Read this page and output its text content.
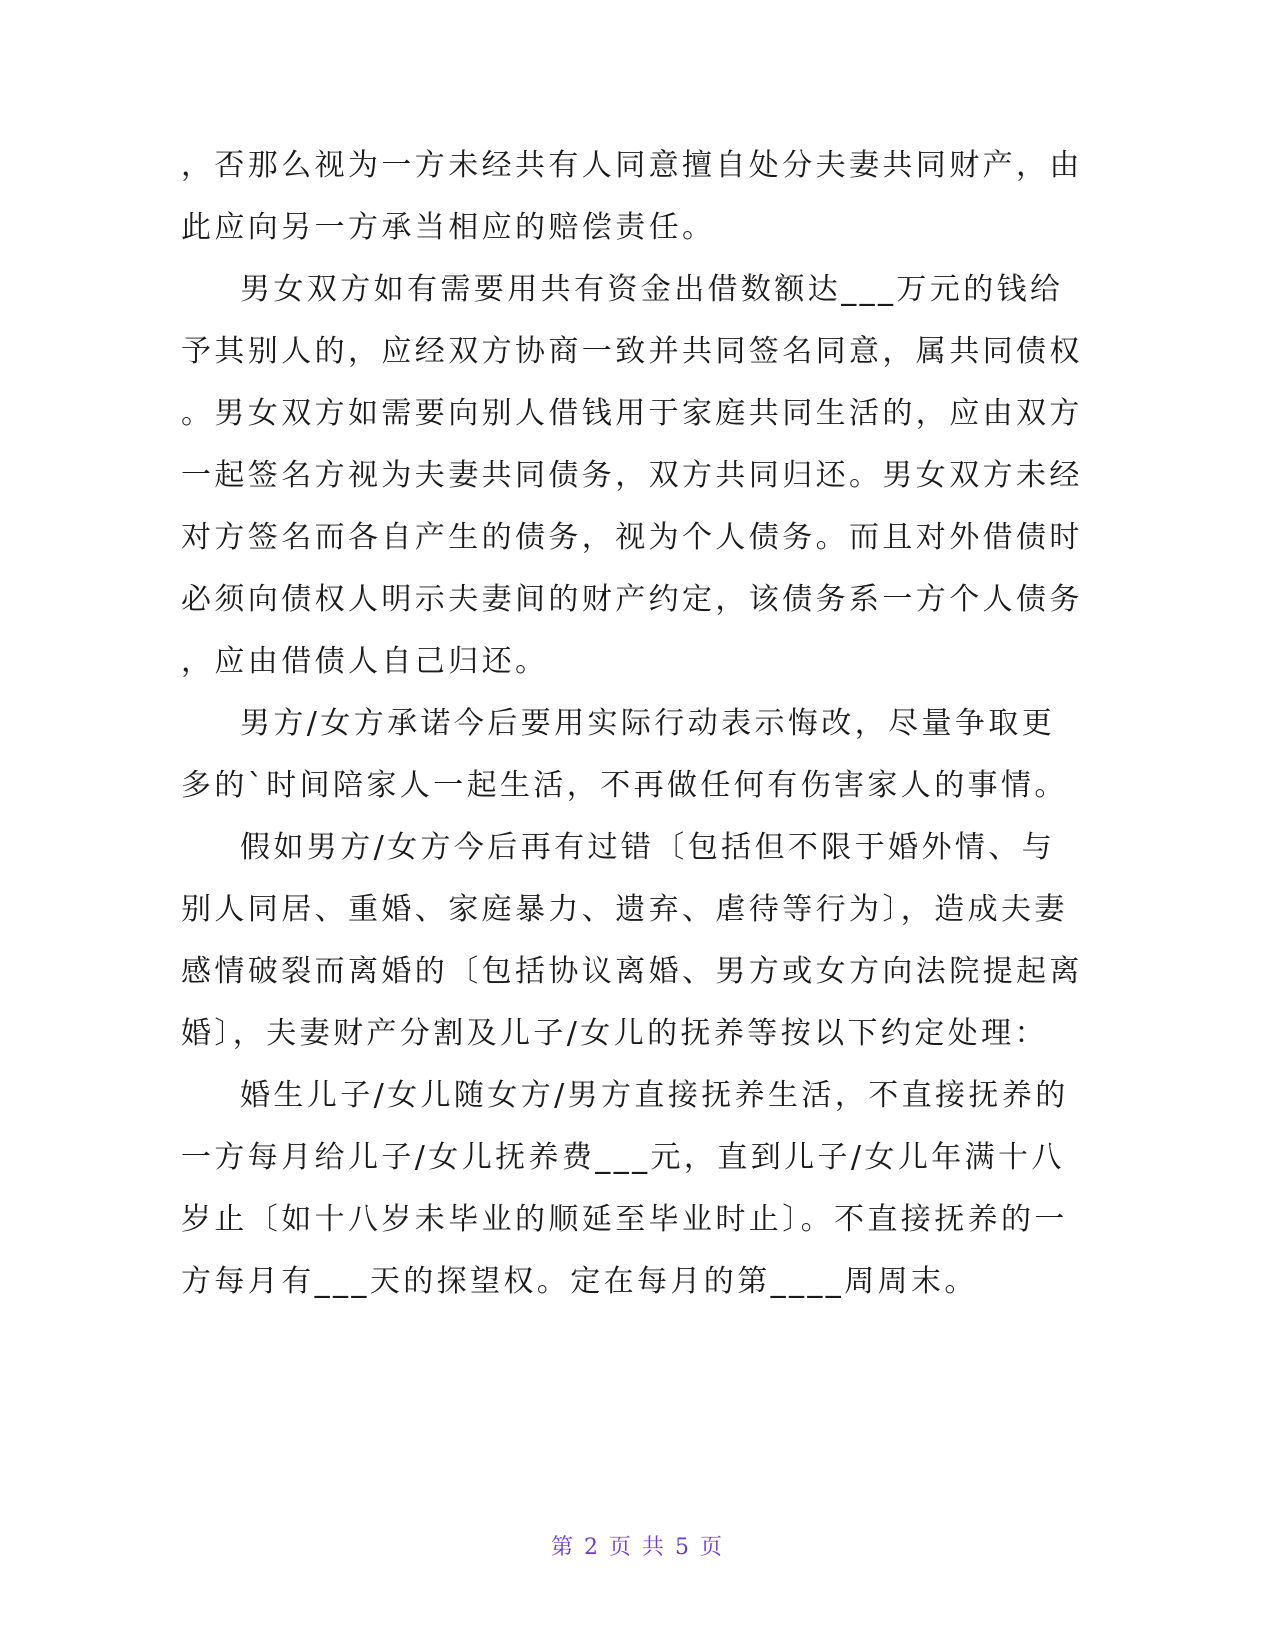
，否那么视为一方未经共有人同意擅自处分夫妻共同财产，由
此应向另一方承当相应的赔偿责任。
男女双方如有需要用共有资金出借数额达___万元的钱给
予其别人的，应经双方协商一致并共同签名同意，属共同债权
。男女双方如需要向别人借钱用于家庭共同生活的，应由双方
一起签名方视为夫妻共同债务，双方共同归还。男女双方未经
对方签名而各自产生的债务，视为个人债务。而且对外借债时
必须向债权人明示夫妻间的财产约定，该债务系一方个人债务
，应由借债人自己归还。
男方/女方承诺今后要用实际行动表示悔改，尽量争取更
多的`时间陪家人一起生活，不再做任何有伤害家人的事情。
假如男方/女方今后再有过错〔包括但不限于婚外情、与
别人同居、重婚、家庭暴力、遗弃、虐待等行为〕，造成夫妻
感情破裂而离婚的〔包括协议离婚、男方或女方向法院提起离
婚〕，夫妻财产分割及儿子/女儿的抚养等按以下约定处理：
婚生儿子/女儿随女方/男方直接抚养生活，不直接抚养的
一方每月给儿子/女儿抚养费___元，直到儿子/女儿年满十八
岁止〔如十八岁未毕业的顺延至毕业时止〕。不直接抚养的一
方每月有___天的探望权。定在每月的第____周周末。
第 2 页 共 5 页
